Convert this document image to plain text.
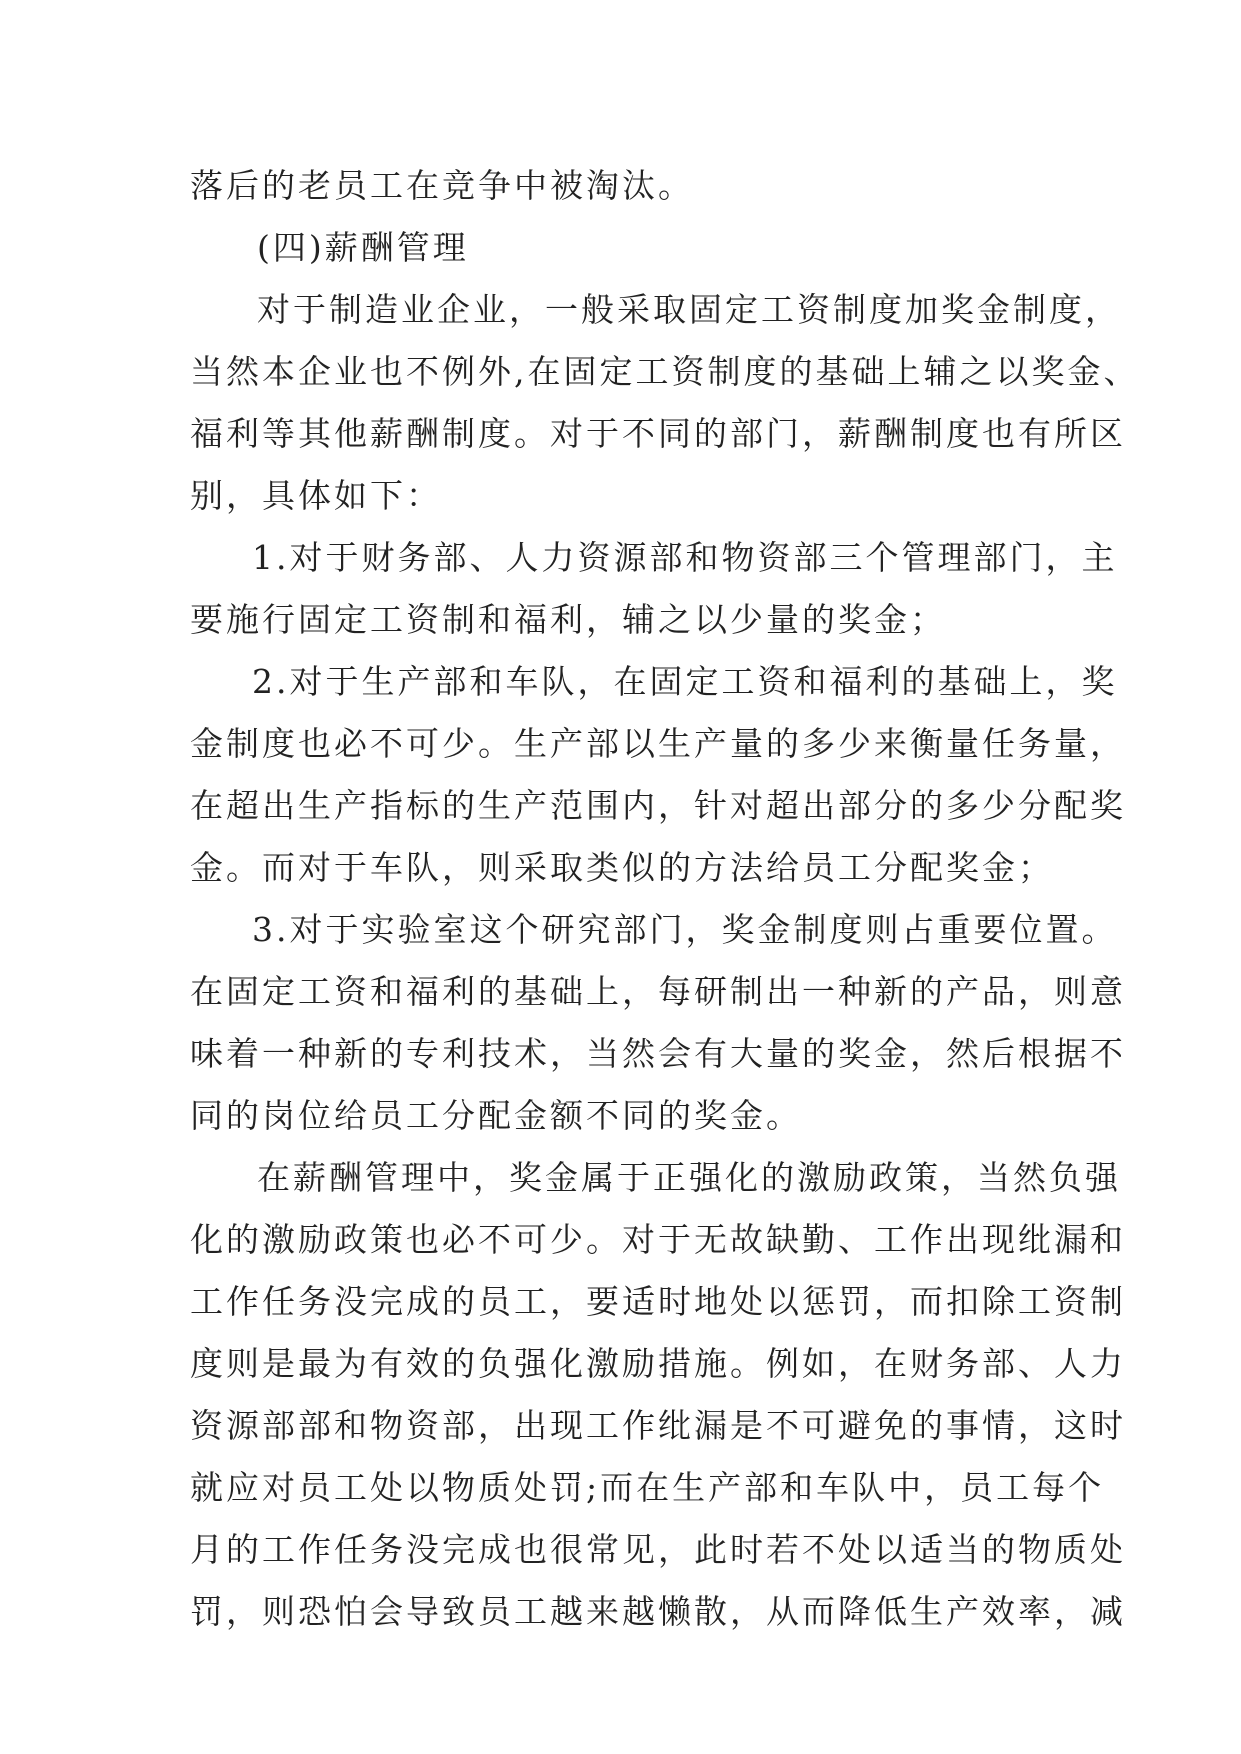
落后的老员工在竞争中被淘汰。
(四)薪酬管理
对于制造业企业，一般采取固定工资制度加奖金制度，
当然本企业也不例外,在固定工资制度的基础上辅之以奖金、
福利等其他薪酬制度。对于不同的部门，薪酬制度也有所区
别，具体如下：
1.对于财务部、人力资源部和物资部三个管理部门，主
要施行固定工资制和福利，辅之以少量的奖金；
2.对于生产部和车队，在固定工资和福利的基础上，奖
金制度也必不可少。生产部以生产量的多少来衡量任务量，
在超出生产指标的生产范围内，针对超出部分的多少分配奖
金。而对于车队，则采取类似的方法给员工分配奖金；
3.对于实验室这个研究部门，奖金制度则占重要位置。
在固定工资和福利的基础上，每研制出一种新的产品，则意
味着一种新的专利技术，当然会有大量的奖金，然后根据不
同的岗位给员工分配金额不同的奖金。
在薪酬管理中，奖金属于正强化的激励政策，当然负强
化的激励政策也必不可少。对于无故缺勤、工作出现纰漏和
工作任务没完成的员工，要适时地处以惩罚，而扣除工资制
度则是最为有效的负强化激励措施。例如，在财务部、人力
资源部部和物资部，出现工作纰漏是不可避免的事情，这时
就应对员工处以物质处罚;而在生产部和车队中，员工每个
月的工作任务没完成也很常见，此时若不处以适当的物质处
罚，则恐怕会导致员工越来越懒散，从而降低生产效率，减
